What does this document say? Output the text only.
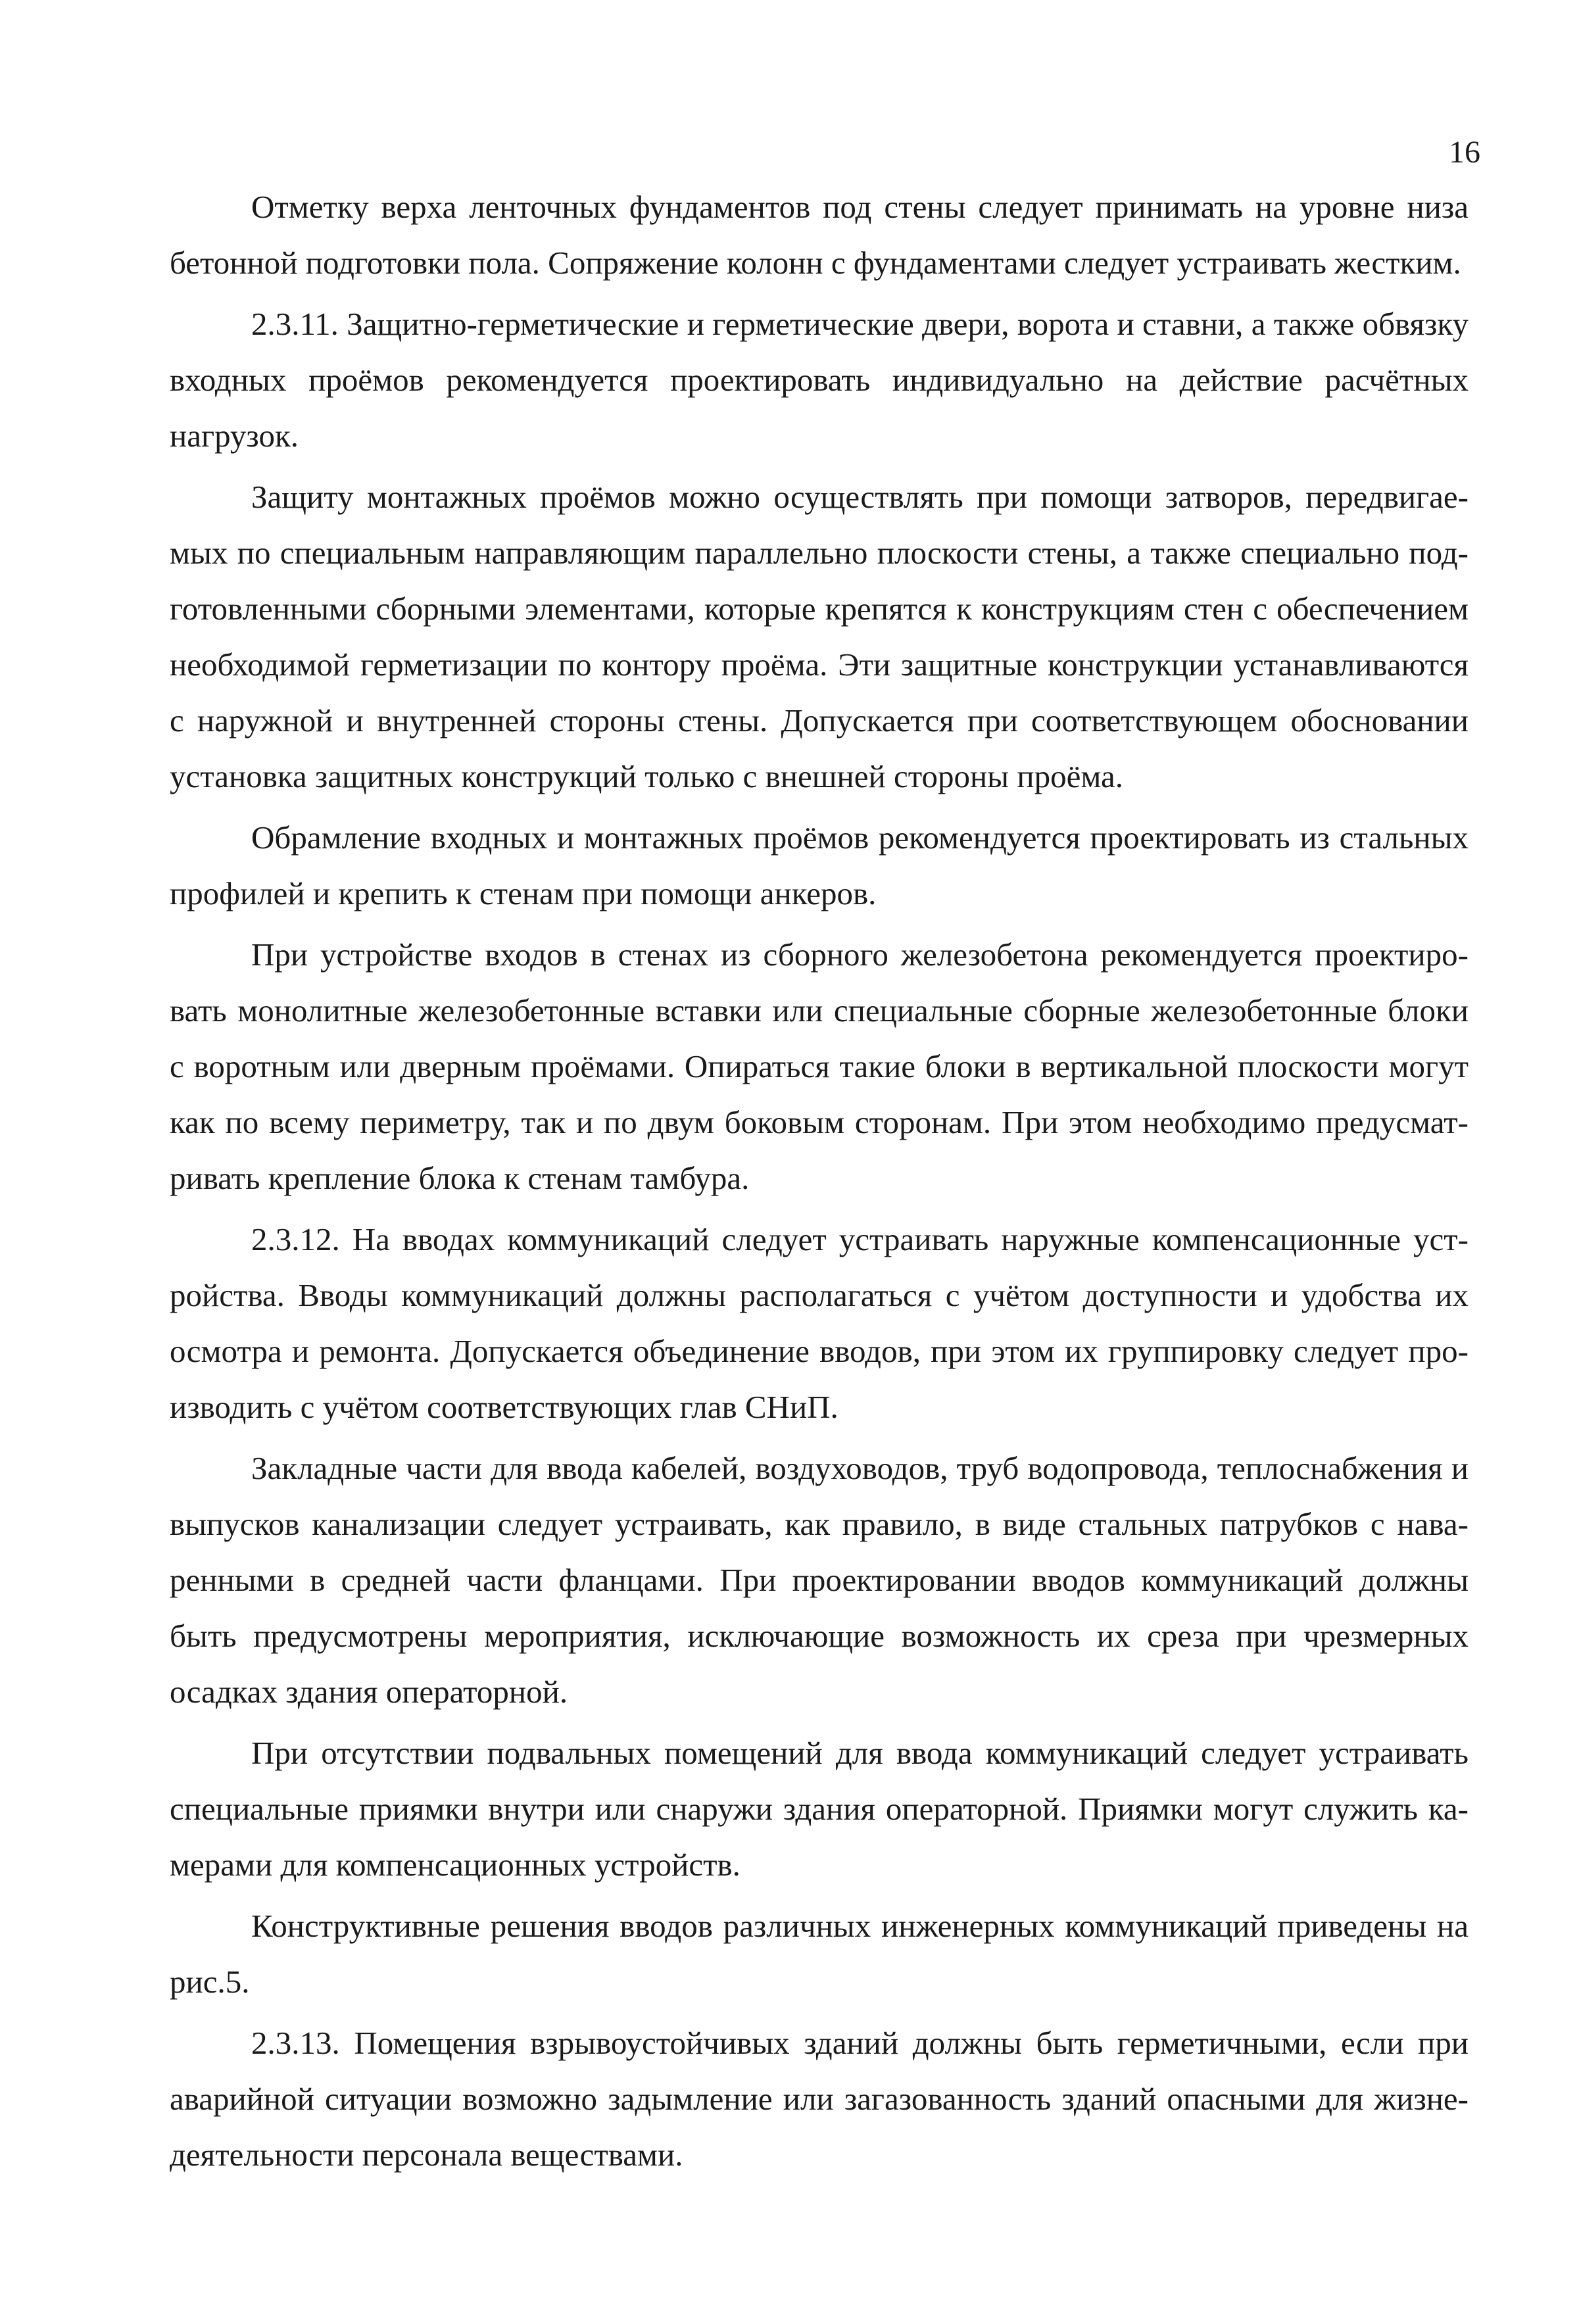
16

Отметку верха ленточных фундаментов под стены следует принимать на уровне низа бетонной подготовки пола. Сопряжение колонн с фундаментами следует устраивать жестким.

2.3.11. Защитно-герметические и герметические двери, ворота и ставни, а также обвязку входных проёмов рекомендуется проектировать индивидуально на действие расчётных нагрузок.

Защиту монтажных проёмов можно осуществлять при помощи затворов, передвигаемых по специальным направляющим параллельно плоскости стены, а также специально подготовленными сборными элементами, которые крепятся к конструкциям стен с обеспечением необходимой герметизации по контору проёма. Эти защитные конструкции устанавливаются с наружной и внутренней стороны стены. Допускается при соответствующем обосновании установка защитных конструкций только с внешней стороны проёма.

Обрамление входных и монтажных проёмов рекомендуется проектировать из стальных профилей и крепить к стенам при помощи анкеров.

При устройстве входов в стенах из сборного железобетона рекомендуется проектировать монолитные железобетонные вставки или специальные сборные железобетонные блоки с воротным или дверным проёмами. Опираться такие блоки в вертикальной плоскости могут как по всему периметру, так и по двум боковым сторонам. При этом необходимо предусматривать крепление блока к стенам тамбура.

2.3.12. На вводах коммуникаций следует устраивать наружные компенсационные устройства. Вводы коммуникаций должны располагаться с учётом доступности и удобства их осмотра и ремонта. Допускается объединение вводов, при этом их группировку следует производить с учётом соответствующих глав СНиП.

Закладные части для ввода кабелей, воздуховодов, труб водопровода, теплоснабжения и выпусков канализации следует устраивать, как правило, в виде стальных патрубков с наваренными в средней части фланцами. При проектировании вводов коммуникаций должны быть предусмотрены мероприятия, исключающие возможность их среза при чрезмерных осадках здания операторной.

При отсутствии подвальных помещений для ввода коммуникаций следует устраивать специальные приямки внутри или снаружи здания операторной. Приямки могут служить камерами для компенсационных устройств.

Конструктивные решения вводов различных инженерных коммуникаций приведены на рис.5.

2.3.13. Помещения взрывоустойчивых зданий должны быть герметичными, если при аварийной ситуации возможно задымление или загазованность зданий опасными для жизнедеятельности персонала веществами.
